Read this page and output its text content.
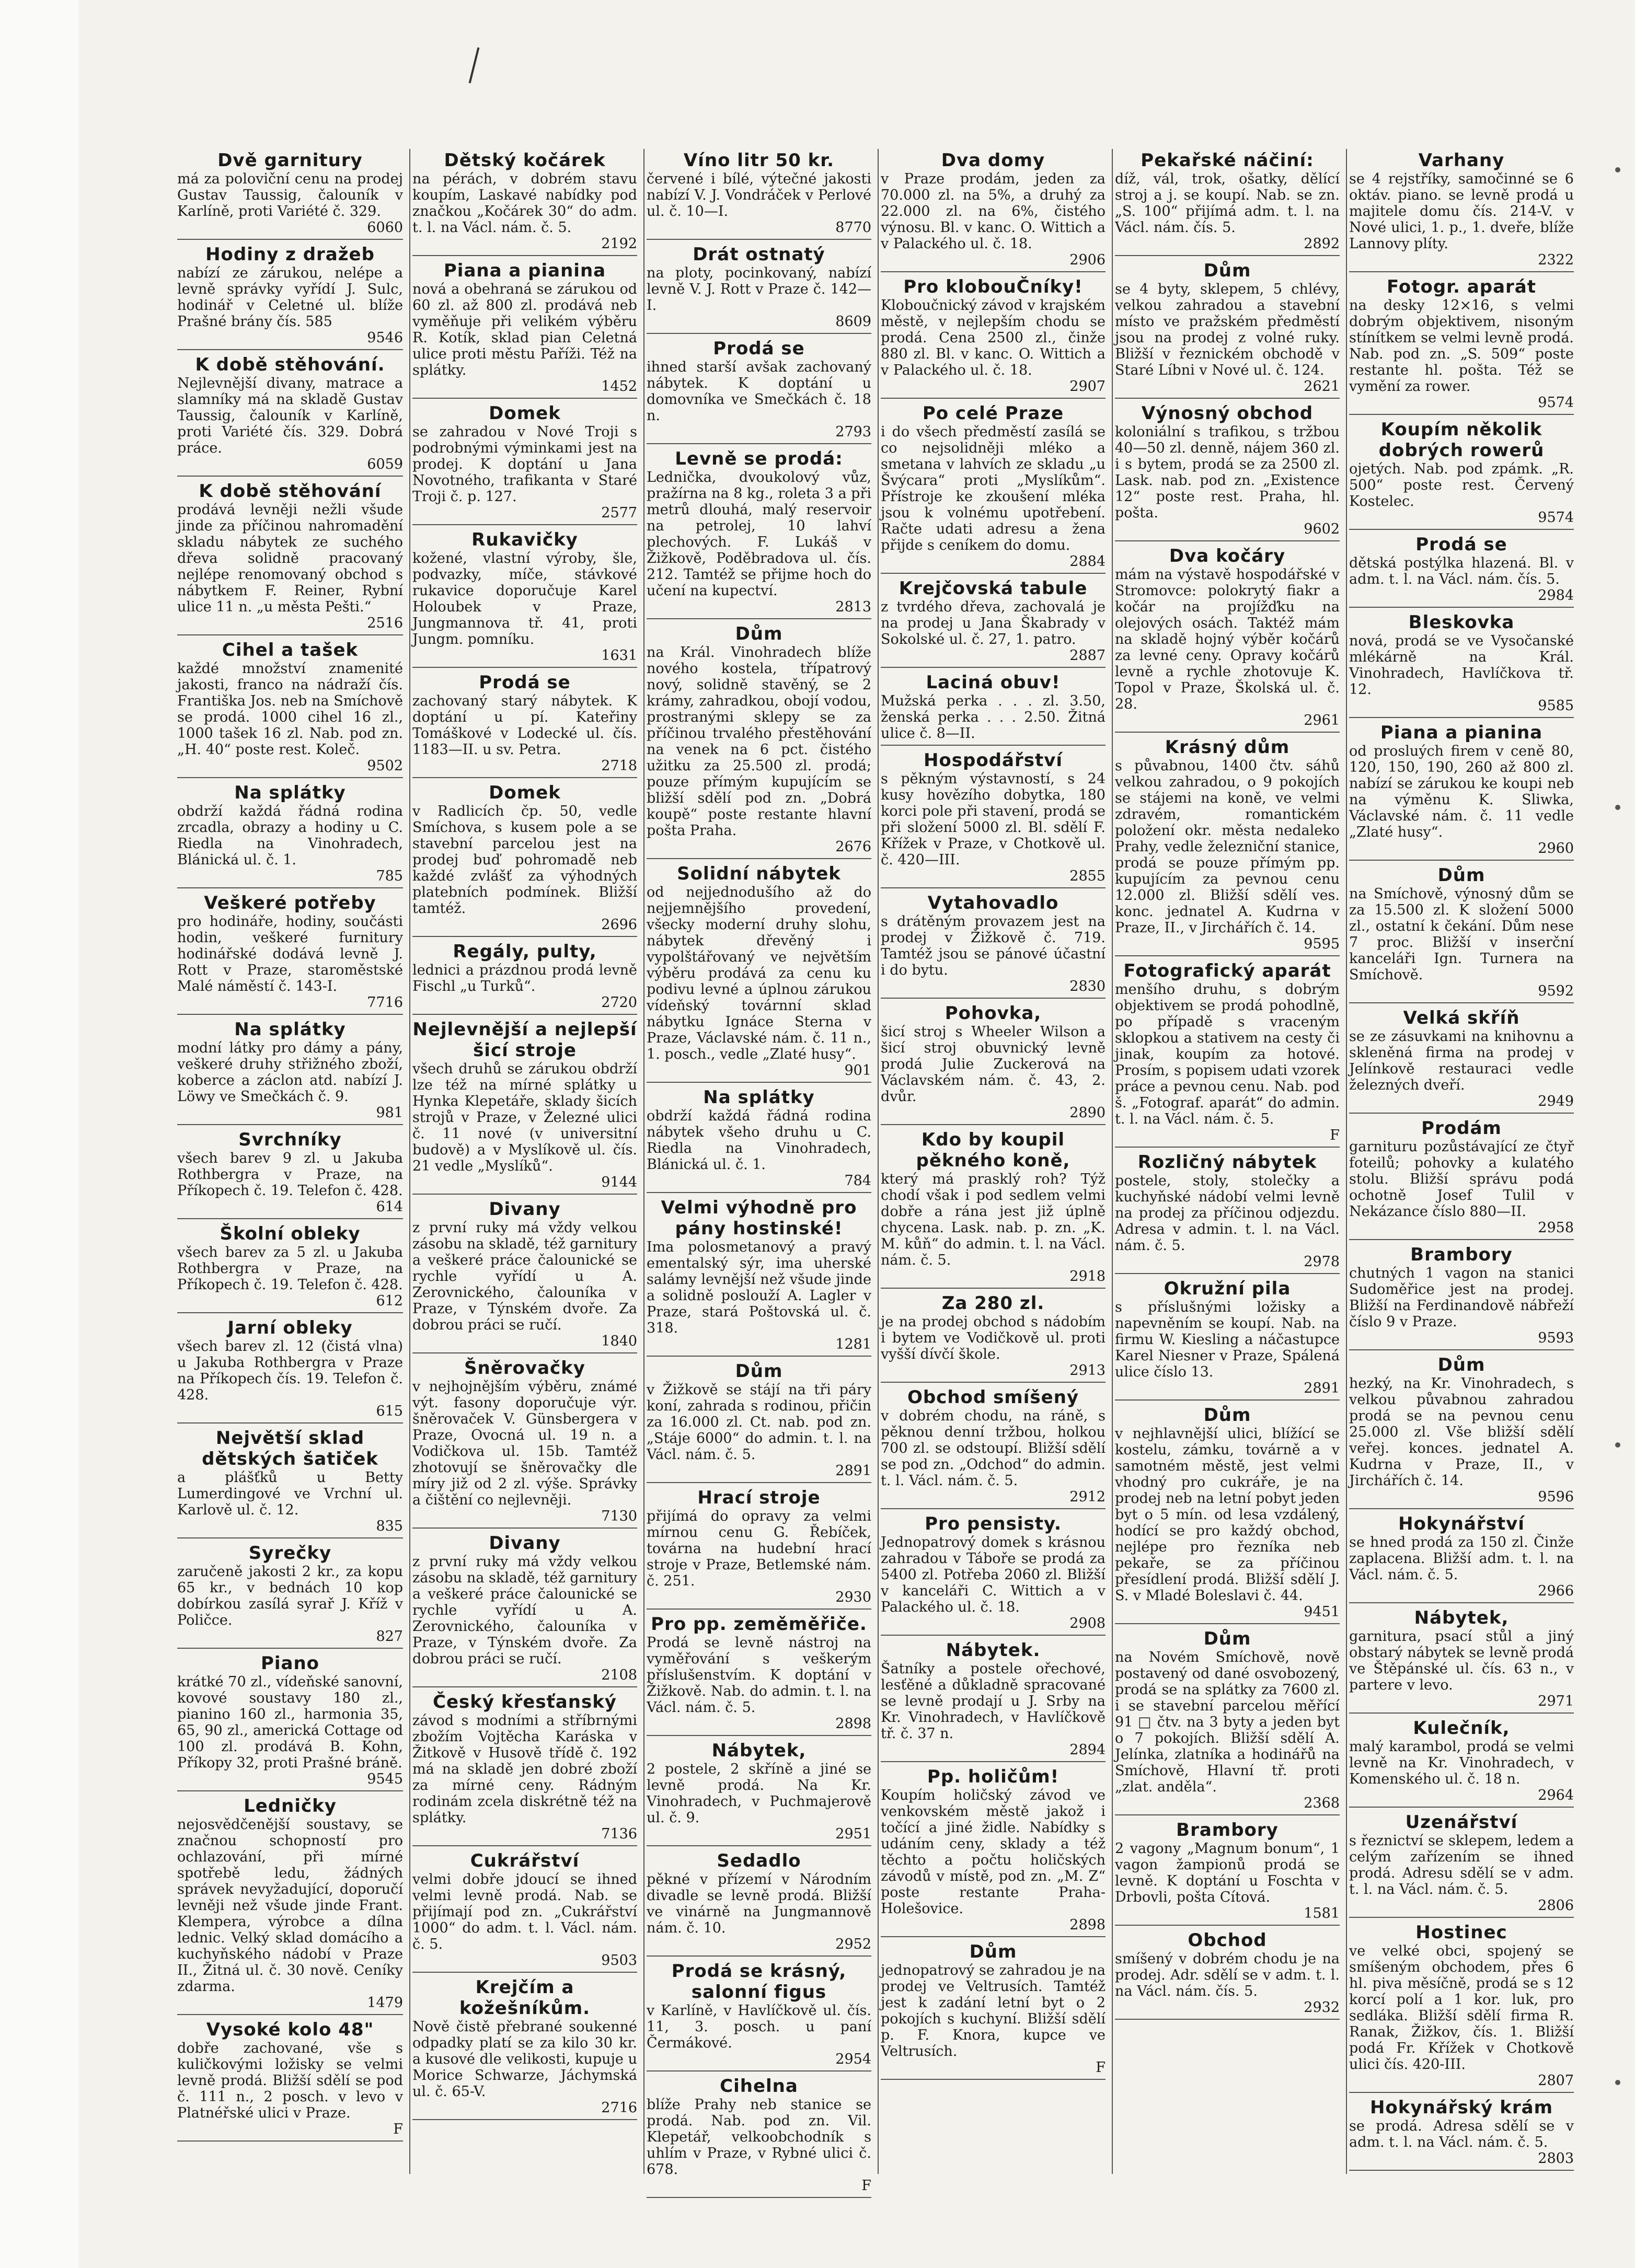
Dvě garnitury
má za poloviční cenu na prodej Gustav Taussig, čalouník v Karlíně, proti Variété č. 329.
6060
Hodiny z dražeb
nabízí ze zárukou, nelépe a levně správky vyřídí J. Sulc, hodinář v Celetné ul. blíže Prašné brány čís. 585
9546
K době stěhování.
Nejlevnější divany, matrace a slamníky má na skladě Gustav Taussig, čalouník v Karlíně, proti Variété čís. 329. Dobrá práce.
6059
K době stěhování
prodává levněji nežli všude jinde za příčinou nahromadění skladu nábytek ze suchého dřeva solidně pracovaný nejlépe renomovaný obchod s nábytkem F. Reiner, Rybní ulice 11 n. „u města Pešti.“
2516
Cihel a tašek
každé množství znamenité jakosti, franco na nádraží čís. Františka Jos. neb na Smíchově se prodá. 1000 cihel 16 zl., 1000 tašek 16 zl. Nab. pod zn. „H. 40“ poste rest. Koleč.
9502
Na splátky
obdrží každá řádná rodina zrcadla, obrazy a hodiny u C. Riedla na Vinohradech, Blánická ul. č. 1.
785
Veškeré potřeby
pro hodináře, hodiny, součásti hodin, veškeré furnitury hodinářské dodává levně J. Rott v Praze, staroměstské Malé náměstí č. 143-I.
7716
Na splátky
modní látky pro dámy a pány, veškeré druhy střižného zboží, koberce a záclon atd. nabízí J. Löwy ve Smečkách č. 9.
981
Svrchníky
všech barev 9 zl. u Jakuba Rothbergra v Praze, na Příkopech č. 19. Telefon č. 428.
614
Školní obleky
všech barev za 5 zl. u Jakuba Rothbergra v Praze, na Příkopech č. 19. Telefon č. 428.
612
Jarní obleky
všech barev zl. 12 (čistá vlna) u Jakuba Rothbergra v Praze na Příkopech čís. 19. Telefon č. 428.
615
Největší sklad dětských šatiček
a plášťků u Betty Lumerdingové ve Vrchní ul. Karlově ul. č. 12.
835
Syrečky
zaručeně jakosti 2 kr., za kopu 65 kr., v bednách 10 kop dobírkou zasílá syrař J. Kříž v Poličce.
827
Piano
krátké 70 zl., vídeňské sanovní, kovové soustavy 180 zl., pianino 160 zl., harmonia 35, 65, 90 zl., americká Cottage od 100 zl. prodává B. Kohn, Příkopy 32, proti Prašné bráně.
9545
Ledničky
nejosvědčenější soustavy, se značnou schopností pro ochlazování, při mírné spotřebě ledu, žádných správek nevyžadující, doporučí levněji než všude jinde Frant. Klempera, výrobce a dílna lednic. Velký sklad domácího a kuchyňského nádobí v Praze II., Žitná ul. č. 30 nově. Ceníky zdarma.
1479
Vysoké kolo 48"
dobře zachované, vše s kuličkovými ložisky se velmi levně prodá. Bližší sdělí se pod č. 111 n., 2 posch. v levo v Platnéřské ulici v Praze.
F
Dětský kočárek
na pérách, v dobrém stavu koupím, Laskavé nabídky pod značkou „Kočárek 30“ do adm. t. l. na Václ. nám. č. 5.
2192
Piana a pianina
nová a obehraná se zárukou od 60 zl. až 800 zl. prodává neb vyměňuje při velikém výběru R. Kotík, sklad pian Celetná ulice proti městu Paříži. Též na splátky.
1452
Domek
se zahradou v Nové Troji s podrobnými výminkami jest na prodej. K doptání u Jana Novotného, trafikanta v Staré Troji č. p. 127.
2577
Rukavičky
kožené, vlastní výroby, šle, podvazky, míče, stávkové rukavice doporučuje Karel Holoubek v Praze, Jungmannova tř. 41, proti Jungm. pomníku.
1631
Prodá se
zachovaný starý nábytek. K doptání u pí. Kateřiny Tomáškové v Lodecké ul. čís. 1183—II. u sv. Petra.
2718
Domek
v Radlicích čp. 50, vedle Smíchova, s kusem pole a se stavební parcelou jest na prodej buď pohromadě neb každé zvlášť za výhodných platebních podmínek. Bližší tamtéž.
2696
Regály, pulty,
lednici a prázdnou prodá levně Fischl „u Turků“.
2720
Nejlevnější a nejlepší šicí stroje
všech druhů se zárukou obdrží lze též na mírné splátky u Hynka Klepetáře, sklady šicích strojů v Praze, v Železné ulici č. 11 nové (v universitní budově) a v Myslíkově ul. čís. 21 vedle „Myslíků“.
9144
Divany
z první ruky má vždy velkou zásobu na skladě, též garnitury a veškeré práce čalounické se rychle vyřídí u A. Zerovnického, čalouníka v Praze, v Týnském dvoře. Za dobrou práci se ručí.
1840
Šněrovačky
v nejhojnějším výběru, známé výt. fasony doporučuje výr. šněrovaček V. Günsbergera v Praze, Ovocná ul. 19 n. a Vodičkova ul. 15b. Tamtéž zhotovují se šněrovačky dle míry již od 2 zl. výše. Správky a čištění co nejlevněji.
7130
Divany
z první ruky má vždy velkou zásobu na skladě, též garnitury a veškeré práce čalounické se rychle vyřídí u A. Zerovnického, čalouníka v Praze, v Týnském dvoře. Za dobrou práci se ručí.
2108
Český křesťanský
závod s modními a stříbrnými zbožím Vojtěcha Karáska v Žitkově v Husově třídě č. 192 má na skladě jen dobré zboží za mírné ceny. Rádným rodinám zcela diskrétně též na splátky.
7136
Cukrářství
velmi dobře jdoucí se ihned velmi levně prodá. Nab. se přijímají pod zn. „Cukrářství 1000“ do adm. t. l. Václ. nám. č. 5.
9503
Krejčím a kožešníkům.
Nově čistě přebrané soukenné odpadky platí se za kilo 30 kr. a kusové dle velikosti, kupuje u Morice Schwarze, Jáchymská ul. č. 65-V.
2716
Víno litr 50 kr.
červené i bílé, výtečné jakosti nabízí V. J. Vondráček v Perlové ul. č. 10—I.
8770
Drát ostnatý
na ploty, pocinkovaný, nabízí levně V. J. Rott v Praze č. 142—I.
8609
Prodá se
ihned starší avšak zachovaný nábytek. K doptání u domovníka ve Smečkách č. 18 n.
2793
Levně se prodá:
Lednička, dvoukolový vůz, pražírna na 8 kg., roleta 3 a při metrů dlouhá, malý reservoir na petrolej, 10 lahví plechových. F. Lukáš v Žižkově, Poděbradova ul. čís. 212. Tamtéž se přijme hoch do učení na kupectví.
2813
Dům
na Král. Vinohradech blíže nového kostela, třípatrový nový, solidně stavěný, se 2 krámy, zahradkou, obojí vodou, prostranými sklepy se za příčinou trvalého přestěhování na venek na 6 pct. čistého užitku za 25.500 zl. prodá; pouze přímým kupujícím se bližší sdělí pod zn. „Dobrá koupě“ poste restante hlavní pošta Praha.
2676
Solidní nábytek
od nejjednodušího až do nejjemnějšího provedení, všecky moderní druhy slohu, nábytek dřevěný i vypolštářovaný ve největším výběru prodává za cenu ku podivu levné a úplnou zárukou vídeňský továrnní sklad nábytku Ignáce Sterna v Praze, Václavské nám. č. 11 n., 1. posch., vedle „Zlaté husy“.
901
Na splátky
obdrží každá řádná rodina nábytek všeho druhu u C. Riedla na Vinohradech, Blánická ul. č. 1.
784
Velmi výhodně pro pány hostinské!
Ima polosmetanový a pravý ementalský sýr, ima uherské salámy levnější než všude jinde a solidně poslouží A. Lagler v Praze, stará Poštovská ul. č. 318.
1281
Dům
v Žižkově se stájí na tři páry koní, zahrada s rodinou, přičin za 16.000 zl. Ct. nab. pod zn. „Stáje 6000“ do admin. t. l. na Václ. nám. č. 5.
2891
Hrací stroje
přijímá do opravy za velmi mírnou cenu G. Řebíček, továrna na hudební hrací stroje v Praze, Betlemské nám. č. 251.
2930
Pro pp. zeměměřiče.
Prodá se levně nástroj na vyměřování s veškerým příslušenstvím. K doptání v Žižkově. Nab. do admin. t. l. na Václ. nám. č. 5.
2898
Nábytek,
2 postele, 2 skříně a jiné se levně prodá. Na Kr. Vinohradech, v Puchmajerově ul. č. 9.
2951
Sedadlo
pěkné v přízemí v Národním divadle se levně prodá. Bližší ve vinárně na Jungmannově nám. č. 10.
2952
Prodá se krásný, salonní figus
v Karlíně, v Havlíčkově ul. čís. 11, 3. posch. u paní Čermákové.
2954
Cihelna
blíže Prahy neb stanice se prodá. Nab. pod zn. Vil. Klepetář, velkoobchodník s uhlím v Praze, v Rybné ulici č. 678.
F
Dva domy
v Praze prodám, jeden za 70.000 zl. na 5%, a druhý za 22.000 zl. na 6%, čistého výnosu. Bl. v kanc. O. Wittich a v Palackého ul. č. 18.
2906
Pro klobouČníky!
Kloboučnický závod v krajském městě, v nejlepším chodu se prodá. Cena 2500 zl., činže 880 zl. Bl. v kanc. O. Wittich a v Palackého ul. č. 18.
2907
Po celé Praze
i do všech předměstí zasílá se co nejsolidněji mléko a smetana v lahvích ze skladu „u Švýcara“ proti „Myslíkům“. Přístroje ke zkoušení mléka jsou k volnému upotřebení. Račte udati adresu a žena přijde s ceníkem do domu.
2884
Krejčovská tabule
z tvrdého dřeva, zachovalá je na prodej u Jana Škabrady v Sokolské ul. č. 27, 1. patro.
2887
Laciná obuv!
Mužská perka . . . zl. 3.50, ženská perka . . . 2.50. Žitná ulice č. 8—II.
Hospodářství
s pěkným výstavností, s 24 kusy hovězího dobytka, 180 korci pole při stavení, prodá se při složení 5000 zl. Bl. sdělí F. Křížek v Praze, v Chotkově ul. č. 420—III.
2855
Vytahovadlo
s drátěným provazem jest na prodej v Žižkově č. 719. Tamtéž jsou se pánové účastní i do bytu.
2830
Pohovka,
šicí stroj s Wheeler Wilson a šicí stroj obuvnický levně prodá Julie Zuckerová na Václavském nám. č. 43, 2. dvůr.
2890
Kdo by koupil pěkného koně,
který má prasklý roh? Týž chodí však i pod sedlem velmi dobře a rána jest již úplně chycena. Lask. nab. p. zn. „K. M. kůň“ do admin. t. l. na Václ. nám. č. 5.
2918
Za 280 zl.
je na prodej obchod s nádobím i bytem ve Vodičkově ul. proti vyšší dívčí škole.
2913
Obchod smíšený
v dobrém chodu, na ráně, s pěknou denní tržbou, holkou 700 zl. se odstoupí. Bližší sdělí se pod zn. „Odchod“ do admin. t. l. Václ. nám. č. 5.
2912
Pro pensisty.
Jednopatrový domek s krásnou zahradou v Táboře se prodá za 5400 zl. Potřeba 2060 zl. Bližší v kanceláři C. Wittich a v Palackého ul. č. 18.
2908
Nábytek.
Šatníky a postele ořechové, lesťěné a důkladně spracované se levně prodají u J. Srby na Kr. Vinohradech, v Havlíčkově tř. č. 37 n.
2894
Pp. holičům!
Koupím holičský závod ve venkovském městě jakož i točící a jiné židle. Nabídky s udáním ceny, sklady a též těchto a počtu holičských závodů v místě, pod zn. „M. Z“ poste restante Praha-Holešovice.
2898
Dům
jednopatrový se zahradou je na prodej ve Veltrusích. Tamtéž jest k zadání letní byt o 2 pokojích s kuchyní. Bližší sdělí p. F. Knora, kupce ve Veltrusích.
F
Pekařské náčiní:
díž, vál, trok, ošatky, dělící stroj a j. se koupí. Nab. se zn. „S. 100“ přijímá adm. t. l. na Václ. nám. čís. 5.
2892
Dům
se 4 byty, sklepem, 5 chlévy, velkou zahradou a stavební místo ve pražském předměstí jsou na prodej z volné ruky. Bližší v řeznickém obchodě v Staré Líbni v Nové ul. č. 124.
2621
Výnosný obchod
koloniální s trafikou, s tržbou 40—50 zl. denně, nájem 360 zl. i s bytem, prodá se za 2500 zl. Lask. nab. pod zn. „Existence 12“ poste rest. Praha, hl. pošta.
9602
Dva kočáry
mám na výstavě hospodářské v Stromovce: polokrytý fiakr a kočár na projížďku na olejových osách. Taktéž mám na skladě hojný výběr kočárů za levné ceny. Opravy kočárů levně a rychle zhotovuje K. Topol v Praze, Školská ul. č. 28.
2961
Krásný dům
s půvabnou, 1400 čtv. sáhů velkou zahradou, o 9 pokojích se stájemi na koně, ve velmi zdravém, romantickém položení okr. města nedaleko Prahy, vedle železniční stanice, prodá se pouze přímým pp. kupujícím za pevnou cenu 12.000 zl. Bližší sdělí ves. konc. jednatel A. Kudrna v Praze, II., v Jirchářích č. 14.
9595
Fotografický aparát
menšího druhu, s dobrým objektivem se prodá pohodlně, po případě s vraceným sklopkou a stativem na cesty či jinak, koupím za hotové. Prosím, s popisem udati vzorek práce a pevnou cenu. Nab. pod š. „Fotograf. aparát“ do admin. t. l. na Václ. nám. č. 5.
F
Rozličný nábytek
postele, stoly, stolečky a kuchyňské nádobí velmi levně na prodej za příčinou odjezdu. Adresa v admin. t. l. na Václ. nám. č. 5.
2978
Okružní pila
s příslušnými ložisky a napevněním se koupí. Nab. na firmu W. Kiesling a náčastupce Karel Niesner v Praze, Spálená ulice číslo 13.
2891
Dům
v nejhlavnější ulici, blížící se kostelu, zámku, továrně a v samotném městě, jest velmi vhodný pro cukráře, je na prodej neb na letní pobyt jeden byt o 5 mín. od lesa vzdálený, hodící se pro každý obchod, nejlépe pro řezníka neb pekaře, se za příčinou přesídlení prodá. Bližší sdělí J. S. v Mladé Boleslavi č. 44.
9451
Dům
na Novém Smíchově, nově postavený od dané osvobozený, prodá se na splátky za 7600 zl. i se stavební parcelou měřící 91 □ čtv. na 3 byty a jeden byt o 7 pokojích. Bližší sdělí A. Jelínka, zlatníka a hodinářů na Smíchově, Hlavní tř. proti „zlat. anděla“.
2368
Brambory
2 vagony „Magnum bonum“, 1 vagon žampionů prodá se levně. K doptání u Foschta v Drbovli, pošta Cítová.
1581
Obchod
smíšený v dobrém chodu je na prodej. Adr. sdělí se v adm. t. l. na Václ. nám. čís. 5.
2932
Varhany
se 4 rejstříky, samočinné se 6 oktáv. piano. se levně prodá u majitele domu čís. 214-V. v Nové ulici, 1. p., 1. dveře, blíže Lannovy plíty.
2322
Fotogr. aparát
na desky 12×16, s velmi dobrým objektivem, nisoným stínítkem se velmi levně prodá. Nab. pod zn. „S. 509“ poste restante hl. pošta. Též se vymění za rower.
9574
Koupím několik dobrých rowerů
ojetých. Nab. pod zpámk. „R. 500“ poste rest. Červený Kostelec.
9574
Prodá se
dětská postýlka hlazená. Bl. v adm. t. l. na Václ. nám. čís. 5.
2984
Bleskovka
nová, prodá se ve Vysočanské mlékárně na Král. Vinohradech, Havlíčkova tř. 12.
9585
Piana a pianina
od prosluých firem v ceně 80, 120, 150, 190, 260 až 800 zl. nabízí se zárukou ke koupi neb na výměnu K. Sliwka, Václavské nám. č. 11 vedle „Zlaté husy“.
2960
Dům
na Smíchově, výnosný dům se za 15.500 zl. K složení 5000 zl., ostatní k čekání. Dům nese 7 proc. Bližší v inserční kanceláři Ign. Turnera na Smíchově.
9592
Velká skříň
se ze zásuvkami na knihovnu a skleněná firma na prodej v Jelínkově restauraci vedle železných dveří.
2949
Prodám
garnituru pozůstávající ze čtyř foteilů; pohovky a kulatého stolu. Bližší správu podá ochotně Josef Tulil v Nekázance číslo 880—II.
2958
Brambory
chutných 1 vagon na stanici Sudoměřice jest na prodej. Bližší na Ferdinandově nábřeží číslo 9 v Praze.
9593
Dům
hezký, na Kr. Vinohradech, s velkou půvabnou zahradou prodá se na pevnou cenu 25.000 zl. Vše bližší sdělí veřej. konces. jednatel A. Kudrna v Praze, II., v Jirchářích č. 14.
9596
Hokynářství
se hned prodá za 150 zl. Činže zaplacena. Bližší adm. t. l. na Václ. nám. č. 5.
2966
Nábytek,
garnitura, psací stůl a jiný obstarý nábytek se levně prodá ve Štěpánské ul. čís. 63 n., v partere v levo.
2971
Kulečník,
malý karambol, prodá se velmi levně na Kr. Vinohradech, v Komenského ul. č. 18 n.
2964
Uzenářství
s řeznictví se sklepem, ledem a celým zařízením se ihned prodá. Adresu sdělí se v adm. t. l. na Václ. nám. č. 5.
2806
Hostinec
ve velké obci, spojený se smíšeným obchodem, přes 6 hl. piva měsíčně, prodá se s 12 korcí polí a 1 kor. luk, pro sedláka. Bližší sdělí firma R. Ranak, Žižkov, čís. 1. Bližší podá Fr. Křížek v Chotkově ulici čís. 420-III.
2807
Hokynářský krám
se prodá. Adresa sdělí se v adm. t. l. na Václ. nám. č. 5.
2803
